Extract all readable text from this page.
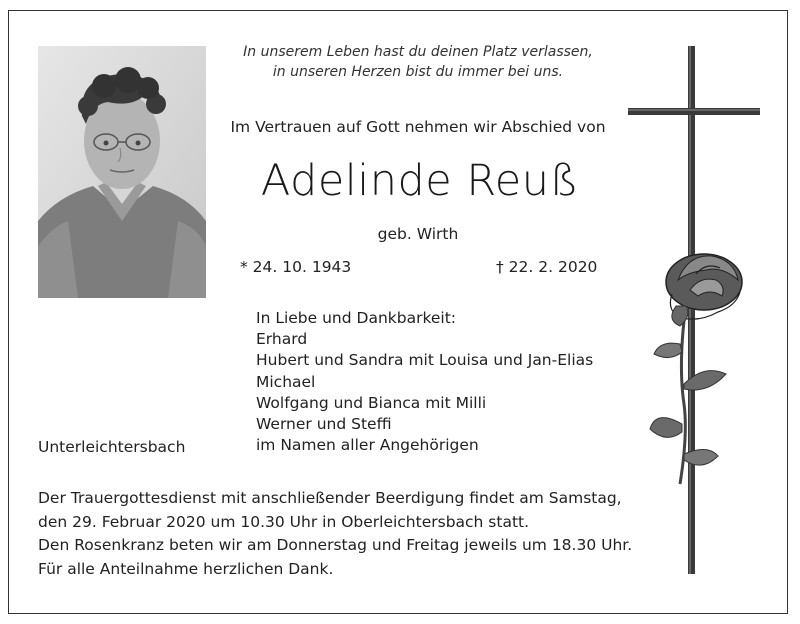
In unserem Leben hast du deinen Platz verlassen,
in unseren Herzen bist du immer bei uns.
Im Vertrauen auf Gott nehmen wir Abschied von
Adelinde Reuß
geb. Wirth
* 24. 10. 1943	† 22. 2. 2020
In Liebe und Dankbarkeit:
Erhard
Hubert und Sandra mit Louisa und Jan-Elias
Michael
Wolfgang und Bianca mit Milli
Werner und Steffi
im Namen aller Angehörigen
Unterleichtersbach
Der Trauergottesdienst mit anschließender Beerdigung findet am Samstag,
den 29. Februar 2020 um 10.30 Uhr in Oberleichtersbach statt.
Den Rosenkranz beten wir am Donnerstag und Freitag jeweils um 18.30 Uhr.
Für alle Anteilnahme herzlichen Dank.
